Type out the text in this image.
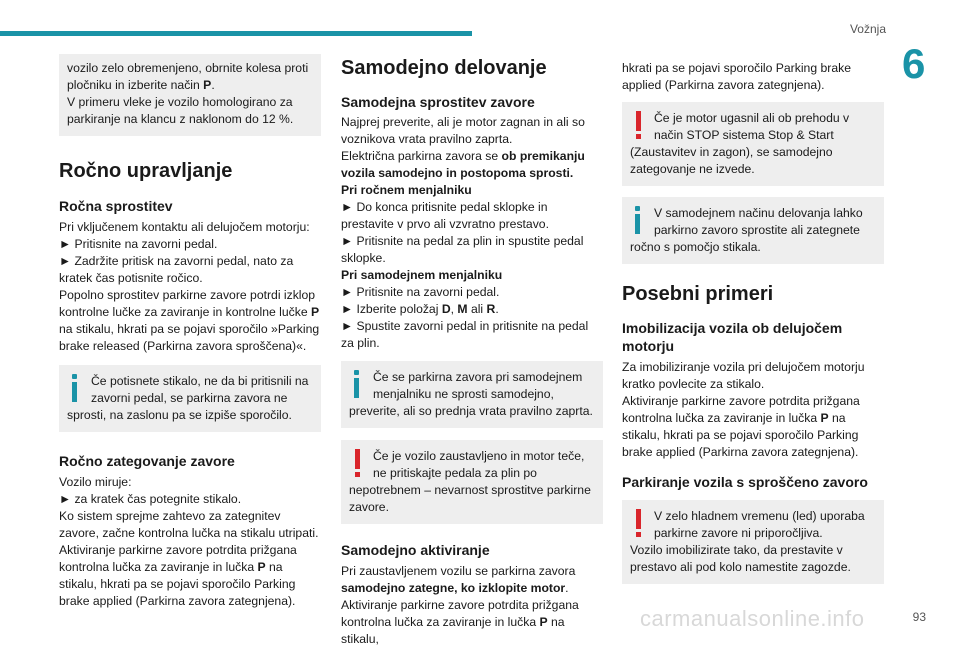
Vožnja
6

vozilo zelo obremenjeno, obrnite kolesa proti pločniku in izberite način P.

V primeru vleke je vozilo homologirano za parkiranje na klancu z naklonom do 12 %.

Ročno upravljanje
Ročna sprostitev

Pri vključenem kontaktu ali delujočem motorju:

► Pritisnite na zavorni pedal.

► Zadržite pritisk na zavorni pedal, nato za kratek čas potisnite ročico.

Popolno sprostitev parkirne zavore potrdi izklop kontrolne lučke za zaviranje in kontrolne lučke P na stikalu, hkrati pa se pojavi sporočilo »Parking brake released (Parkirna zavora sproščena)«.

Če potisnete stikalo, ne da bi pritisnili na zavorni pedal, se parkirna zavora ne sprosti, na zaslonu pa se izpiše sporočilo.
Ročno zategovanje zavore

Vozilo miruje:

► za kratek čas potegnite stikalo.

Ko sistem sprejme zahtevo za zategnitev zavore, začne kontrolna lučka na stikalu utripati.

Aktiviranje parkirne zavore potrdita prižgana kontrolna lučka za zaviranje in lučka P na stikalu, hkrati pa se pojavi sporočilo Parking brake applied (Parkirna zavora zategnjena).

Samodejno delovanje
Samodejna sprostitev zavore

Najprej preverite, ali je motor zagnan in ali so voznikova vrata pravilno zaprta.

Električna parkirna zavora se ob premikanju vozila samodejno in postopoma sprosti.

Pri ročnem menjalniku

► Do konca pritisnite pedal sklopke in prestavite v prvo ali vzvratno prestavo.

► Pritisnite na pedal za plin in spustite pedal sklopke.

Pri samodejnem menjalniku

► Pritisnite na zavorni pedal.

► Izberite položaj D, M ali R.

► Spustite zavorni pedal in pritisnite na pedal za plin.

Če se parkirna zavora pri samodejnem menjalniku ne sprosti samodejno, preverite, ali so prednja vrata pravilno zaprta.
Če je vozilo zaustavljeno in motor teče, ne pritiskajte pedala za plin po nepotrebnem – nevarnost sprostitve parkirne zavore.
Samodejno aktiviranje

Pri zaustavljenem vozilu se parkirna zavora samodejno zategne, ko izklopite motor.

Aktiviranje parkirne zavore potrdita prižgana kontrolna lučka za zaviranje in lučka P na stikalu,

hkrati pa se pojavi sporočilo Parking brake applied (Parkirna zavora zategnjena).

Če je motor ugasnil ali ob prehodu v način STOP sistema Stop & Start (Zaustavitev in zagon), se samodejno zategovanje ne izvede.
V samodejnem načinu delovanja lahko parkirno zavoro sprostite ali zategnete ročno s pomočjo stikala.
Posebni primeri
Imobilizacija vozila ob delujočem motorju

Za imobiliziranje vozila pri delujočem motorju kratko povlecite za stikalo.

Aktiviranje parkirne zavore potrdita prižgana kontrolna lučka za zaviranje in lučka P na stikalu, hkrati pa se pojavi sporočilo Parking brake applied (Parkirna zavora zategnjena).

Parkiranje vozila s sproščeno zavoro
V zelo hladnem vremenu (led) uporaba parkirne zavore ni priporočljiva.

Vozilo imobilizirate tako, da prestavite v prestavo ali pod kolo namestite zagozde.

carmanualsonline.info	93
